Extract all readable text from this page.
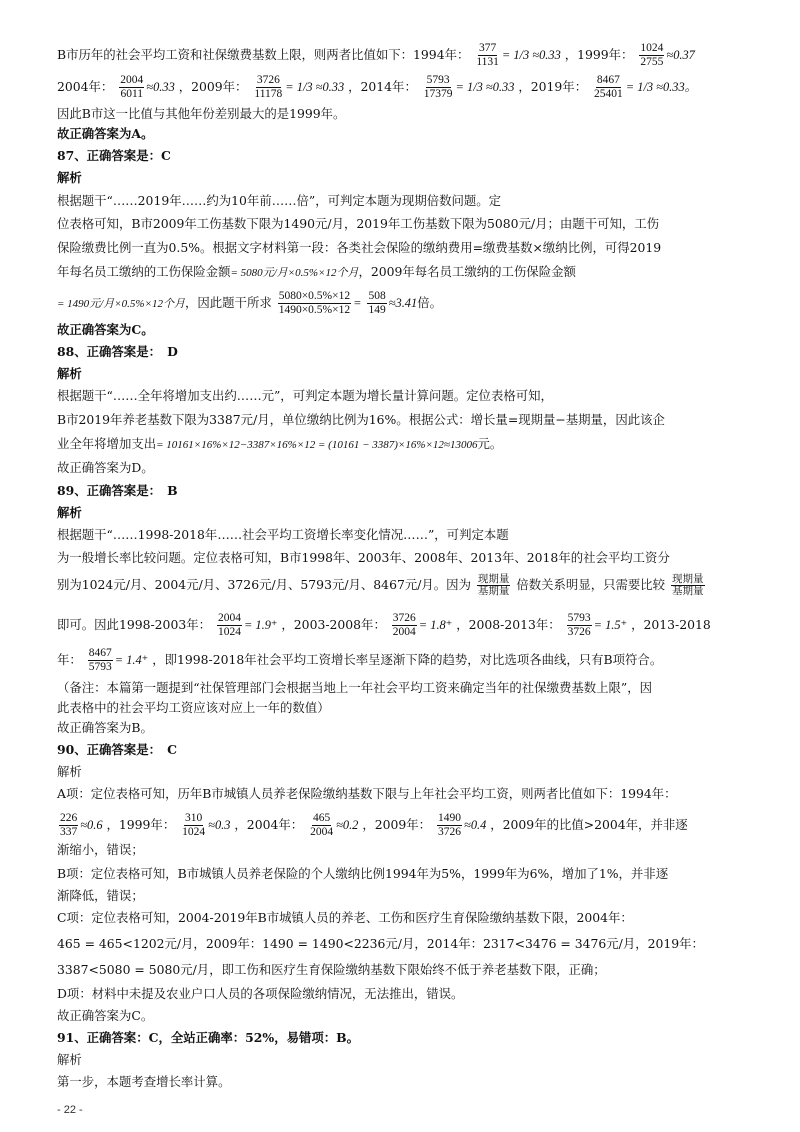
B市历年的社会平均工资和社保缴费基数上限，则两者比值如下：1994年： $\frac{377}{1131} = 1/3 \approx 0.33$ ，1999年： $\frac{1024}{2755} \approx 0.37$
2004年： $\frac{2004}{6011} \approx 0.33$ ，2009年： $\frac{3726}{11178} = 1/3 \approx 0.33$ ，2014年： $\frac{5793}{17379} = 1/3 \approx 0.33$ ，2019年： $\frac{8467}{25401} = 1/3 \approx 0.33$。
因此B市这一比值与其他年份差别最大的是1999年。
故正确答案为A。
87、正确答案是：C
解析
根据题干“……2019年……约为10年前……倍”，可判定本题为现期倍数问题。定
位表格可知，B市2009年工伤基数下限为1490元/月，2019年工伤基数下限为5080元/月；由题干可知，工伤
保险缴费比例一直为0.5%。根据文字材料第一段：各类社会保险的缴纳费用=缴费基数×缴纳比例，可得2019
年每名员工缴纳的工伤保险金额= 5080元/月×0.5%×12个月，2009年每名员工缴纳的工伤保险金额
= 1490元/月×0.5%×12个月，因此题干所求 $\frac{5080\times 0.5\%\times 12}{1490\times 0.5\%\times 12} = \frac{508}{149} \approx 3.41$倍。
故正确答案为C。
88、正确答案是：　D
解析
根据题干“……全年将增加支出约……元”，可判定本题为增长量计算问题。定位表格可知，
B市2019年养老基数下限为3387元/月，单位缴纳比例为16%。根据公式：增长量=现期量−基期量，因此该企
业全年将增加支出= 10161×16%×12−3387×16%×12 = (10161 − 3387)×16%×12≈13006元。
故正确答案为D。
89、正确答案是：　B
解析
根据题干“……1998-2018年……社会平均工资增长率变化情况……”，可判定本题
为一般增长率比较问题。定位表格可知，B市1998年、2003年、2008年、2013年、2018年的社会平均工资分
别为1024元/月、2004元/月、3726元/月、5793元/月、8467元/月。因为 现期量
基期量 倍数关系明显，只需要比较 现期量
基期量
即可。因此1998-2003年： $\frac{2004}{1024} = 1.9^+$ ，2003-2008年： $\frac{3726}{2004} = 1.8^+$ ，2008-2013年： $\frac{5793}{3726} = 1.5^+$ ，2013-2018
年： $\frac{8467}{5793} = 1.4^+$ ，即1998-2018年社会平均工资增长率呈逐渐下降的趋势，对比选项各曲线，只有B项符合。
（备注：本篇第一题提到“社保管理部门会根据当地上一年社会平均工资来确定当年的社保缴费基数上限”，因
此表格中的社会平均工资应该对应上一年的数值）
故正确答案为B。
90、正确答案是：　C
解析
A项：定位表格可知，历年B市城镇人员养老保险缴纳基数下限与上年社会平均工资，则两者比值如下：1994年：
$\frac{226}{337} \approx 0.6$ ，1999年： $\frac{310}{1024} \approx 0.3$ ，2004年： $\frac{465}{2004} \approx 0.2$ ，2009年： $\frac{1490}{3726} \approx 0.4$ ，2009年的比值>2004年，并非逐
渐缩小，错误；
B项：定位表格可知，B市城镇人员养老保险的个人缴纳比例1994年为5%，1999年为6%，增加了1%，并非逐
渐降低，错误；
C项：定位表格可知，2004-2019年B市城镇人员的养老、工伤和医疗生育保险缴纳基数下限，2004年：
465 = 465<1202元/月，2009年：1490 = 1490<2236元/月，2014年：2317<3476 = 3476元/月，2019年：
3387<5080 = 5080元/月，即工伤和医疗生育保险缴纳基数下限始终不低于养老基数下限，正确；
D项：材料中未提及农业户口人员的各项保险缴纳情况，无法推出，错误。
故正确答案为C。
91、正确答案：C，全站正确率：52%，易错项：B。
解析
第一步，本题考查增长率计算。
- 22 -
